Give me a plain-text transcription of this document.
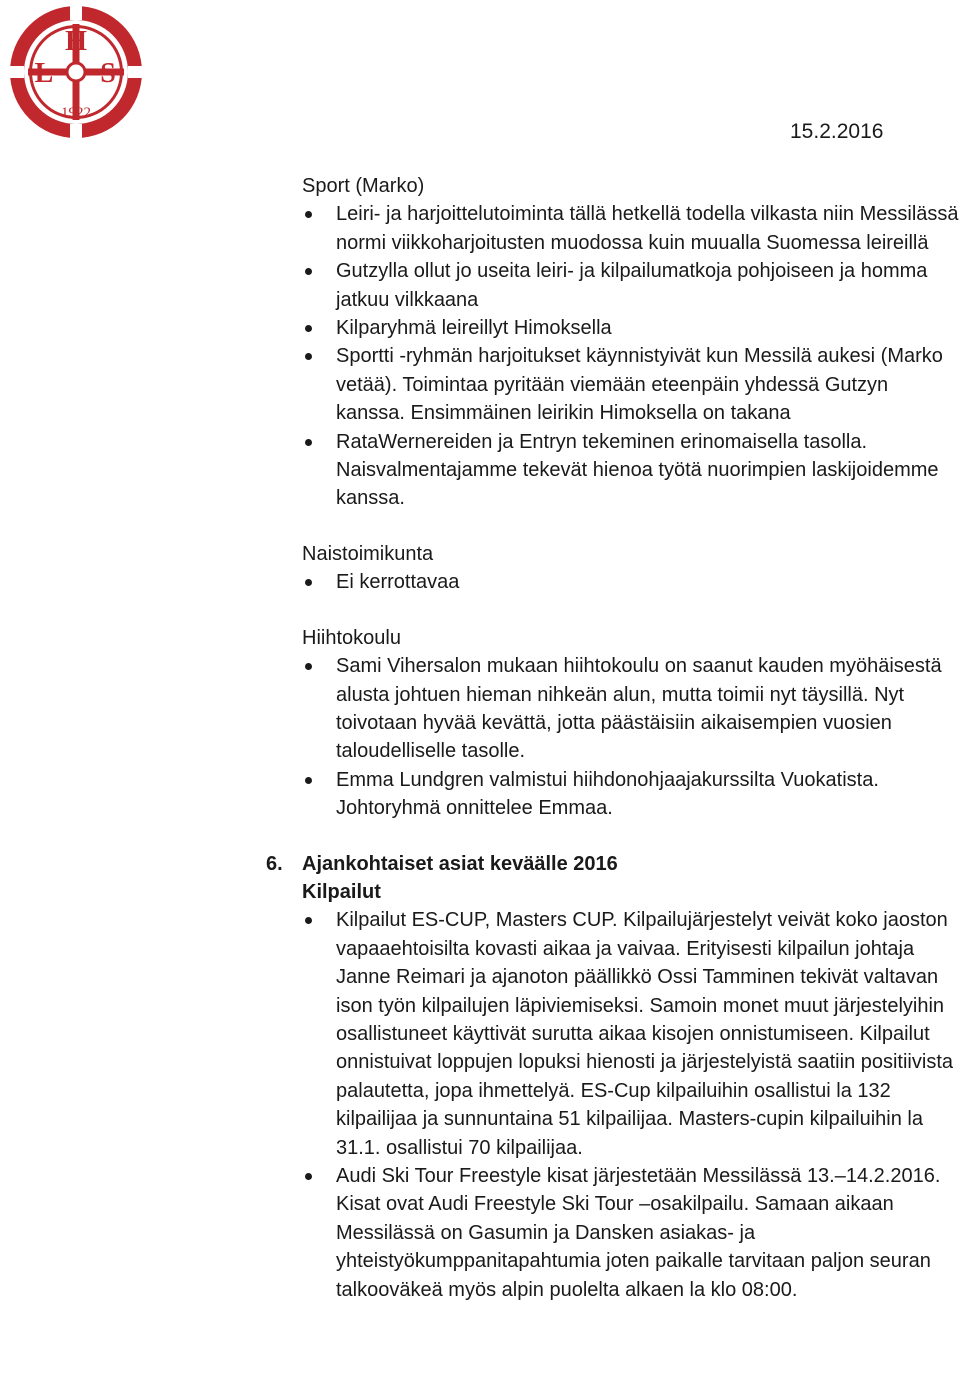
H
L S
1922
15.2.2016

Sport (Marko)

Leiri- ja harjoittelutoiminta tällä hetkellä todella vilkasta niin Messilässä normi viikkoharjoitusten muodossa kuin muualla Suomessa leireillä
Gutzylla ollut jo useita leiri- ja kilpailumatkoja pohjoiseen ja homma jatkuu vilkkaana
Kilparyhmä leireillyt Himoksella
Sportti -ryhmän harjoitukset käynnistyivät kun Messilä aukesi (Marko vetää). Toimintaa pyritään viemään eteenpäin yhdessä Gutzyn kanssa. Ensimmäinen leirikin Himoksella on takana
RataWernereiden ja Entryn tekeminen erinomaisella tasolla. Naisvalmentajamme tekevät hienoa työtä nuorimpien laskijoidemme kanssa.

Naistoimikunta

Ei kerrottavaa

Hiihtokoulu

Sami Vihersalon mukaan hiihtokoulu on saanut kauden myöhäisestä alusta johtuen hieman nihkeän alun, mutta toimii nyt täysillä. Nyt toivotaan hyvää kevättä, jotta päästäisiin aikaisempien vuosien taloudelliselle tasolle.
Emma Lundgren valmistui hiihdonohjaajakurssilta Vuokatista. Johtoryhmä onnittelee Emmaa.

6. Ajankohtaiset asiat keväälle 2016

Kilpailut

Kilpailut ES-CUP, Masters CUP. Kilpailujärjestelyt veivät koko jaoston vapaaehtoisilta kovasti aikaa ja vaivaa. Erityisesti kilpailun johtaja Janne Reimari ja ajanoton päällikkö Ossi Tamminen tekivät valtavan ison työn kilpailujen läpiviemiseksi. Samoin monet muut järjestelyihin osallistuneet käyttivät surutta aikaa kisojen onnistumiseen. Kilpailut onnistuivat loppujen lopuksi hienosti ja järjestelyistä saatiin positiivista palautetta, jopa ihmettelyä. ES-Cup kilpailuihin osallistui la 132 kilpailijaa ja sunnuntaina 51 kilpailijaa. Masters-cupin kilpailuihin la 31.1. osallistui 70 kilpailijaa.
Audi Ski Tour Freestyle kisat järjestetään Messilässä 13.–14.2.2016. Kisat ovat Audi Freestyle Ski Tour –osakilpailu. Samaan aikaan Messilässä on Gasumin ja Dansken asiakas- ja yhteistyökumppanitapahtumia joten paikalle tarvitaan paljon seuran talkooväkeä myös alpin puolelta alkaen la klo 08:00.
